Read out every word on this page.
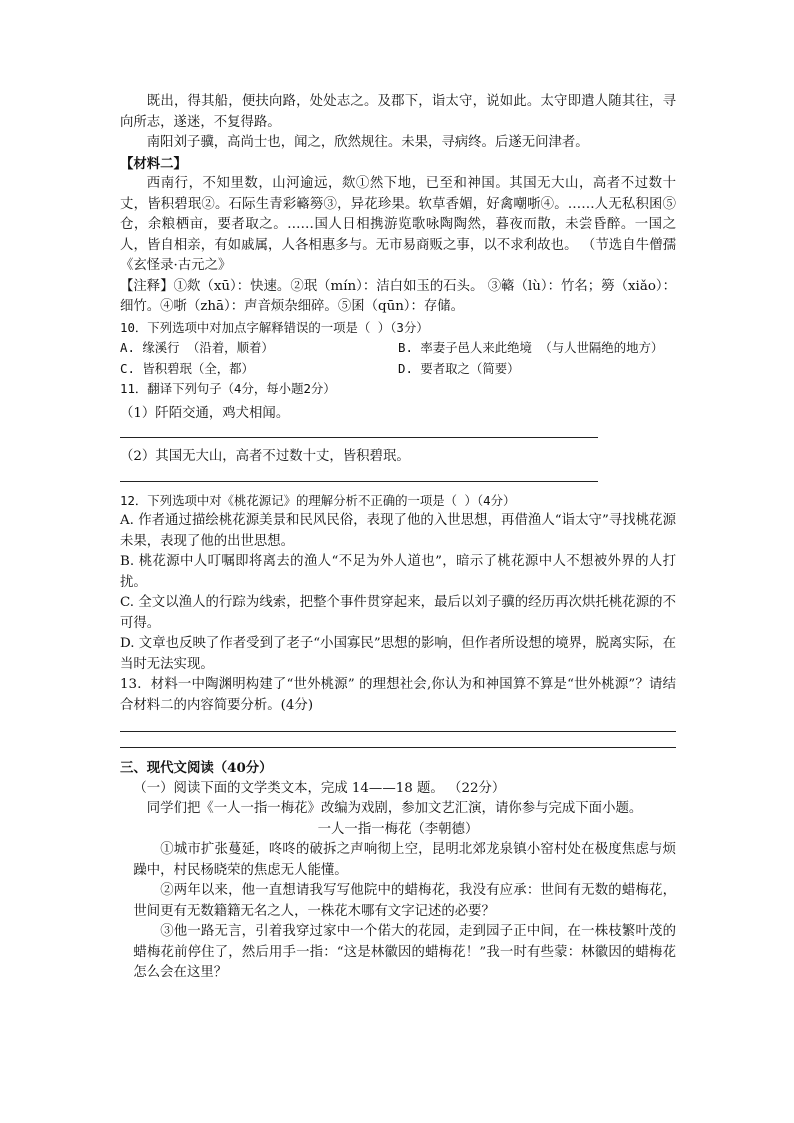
既出，得其船，便扶向路，处处志之。及郡下，诣太守，说如此。太守即遣人随其往，寻向所志，遂迷，不复得路。

南阳刘子骥，高尚士也，闻之，欣然规往。未果，寻病终。后遂无问津者。

【材料二】

西南行，不知里数，山河逾远，欻①然下地，已至和神国。其国无大山，高者不过数十丈，皆积碧珉②。石际生青彩簵簩③，异花珍果。软草香媚，好禽嘲哳④。……人无私积囷⑤仓，余粮栖亩，要者取之。……国人日相携游览歌咏陶陶然，暮夜而散，未尝昏醉。一国之人，皆自相亲，有如戚属，人各相惠多与。无市易商贩之事，以不求利故也。 （节选自牛僧孺《玄怪录·古元之》

【注释】①欻（xū）：快速。②珉（mín）：洁白如玉的石头。 ③簵（lù）：竹名；簩（xiǎo）：细竹。④哳（zhā）：声音烦杂细碎。⑤囷（qūn）：存储。

10．下列选项中对加点字解释错误的一项是（ ）（3分）

A. 缘溪行 （沿着，顺着）	B. 率妻子邑人来此绝境 （与人世隔绝的地方）
C. 皆积碧珉（全，都）	D. 要者取之（简要）

11．翻译下列句子（4分，每小题2分）

（1）阡陌交通，鸡犬相闻。

（2）其国无大山，高者不过数十丈，皆积碧珉。

12．下列选项中对《桃花源记》的理解分析不正确的一项是（ ）（4分）

A. 作者通过描绘桃花源美景和民风民俗，表现了他的入世思想，再借渔人“诣太守”寻找桃花源未果，表现了他的出世思想。

B. 桃花源中人叮嘱即将离去的渔人“不足为外人道也”，暗示了桃花源中人不想被外界的人打扰。

C. 全文以渔人的行踪为线索，把整个事件贯穿起来，最后以刘子骥的经历再次烘托桃花源的不可得。

D. 文章也反映了作者受到了老子“小国寡民”思想的影响，但作者所设想的境界，脱离实际，在当时无法实现。

13．材料一中陶渊明构建了“世外桃源” 的理想社会,你认为和神国算不算是“世外桃源”？请结合材料二的内容简要分析。(4分)

三、现代文阅读（40分）

（一）阅读下面的文学类文本，完成 14——18 题。 （22分）

同学们把《一人一指一梅花》改编为戏剧，参加文艺汇演，请你参与完成下面小题。

一人一指一梅花（李朝德）

①城市扩张蔓延，咚咚的破拆之声响彻上空，昆明北郊龙泉镇小窑村处在极度焦虑与烦躁中，村民杨晓荣的焦虑无人能懂。

②两年以来，他一直想请我写写他院中的蜡梅花，我没有应承：世间有无数的蜡梅花，世间更有无数籍籍无名之人，一株花木哪有文字记述的必要？

③他一路无言，引着我穿过家中一个偌大的花园，走到园子正中间，在一株枝繁叶茂的蜡梅花前停住了，然后用手一指：“这是林徽因的蜡梅花！”我一时有些蒙：林徽因的蜡梅花怎么会在这里？
